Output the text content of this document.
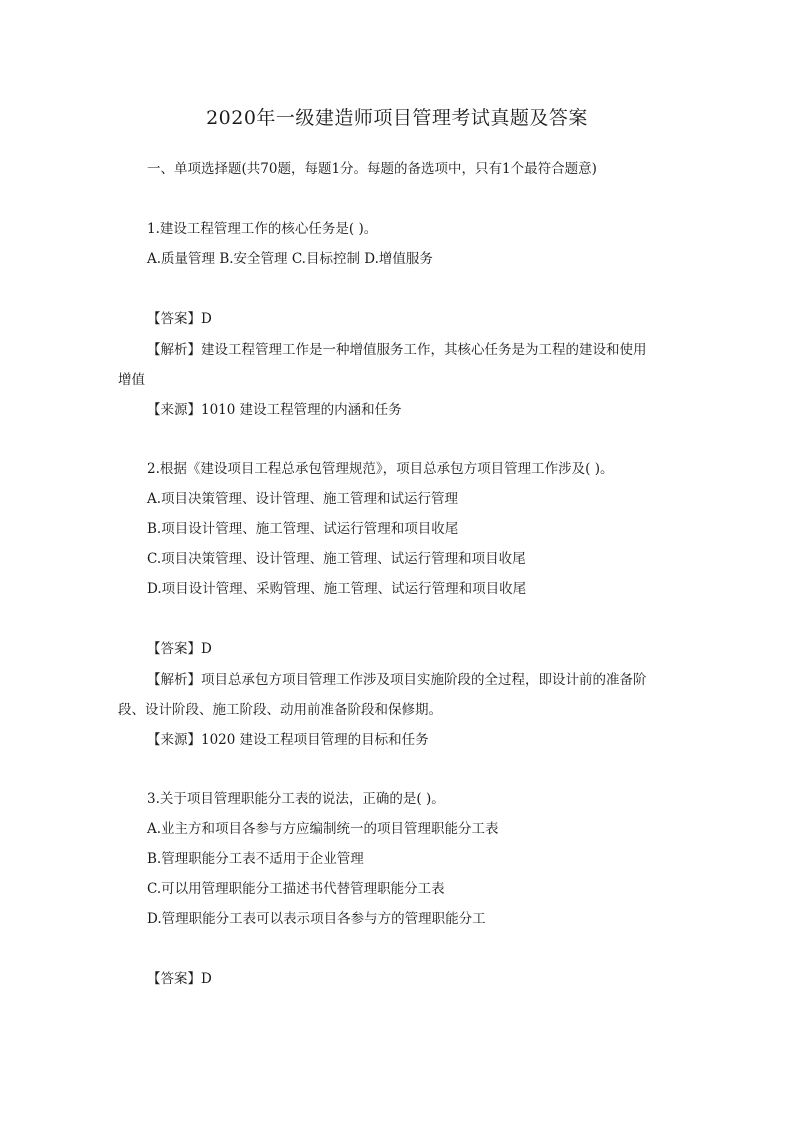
2020年一级建造师项目管理考试真题及答案
一、单项选择题(共70题，每题1分。每题的备选项中，只有1个最符合题意)
1.建设工程管理工作的核心任务是( )。
A.质量管理 B.安全管理 C.目标控制 D.增值服务
【答案】D
【解析】建设工程管理工作是一种增值服务工作，其核心任务是为工程的建设和使用
增值
【来源】1010 建设工程管理的内涵和任务
2.根据《建设项目工程总承包管理规范》，项目总承包方项目管理工作涉及( )。
A.项目决策管理、设计管理、施工管理和试运行管理
B.项目设计管理、施工管理、试运行管理和项目收尾
C.项目决策管理、设计管理、施工管理、试运行管理和项目收尾
D.项目设计管理、采购管理、施工管理、试运行管理和项目收尾
【答案】D
【解析】项目总承包方项目管理工作涉及项目实施阶段的全过程，即设计前的准备阶
段、设计阶段、施工阶段、动用前准备阶段和保修期。
【来源】1020 建设工程项目管理的目标和任务
3.关于项目管理职能分工表的说法，正确的是( )。
A.业主方和项目各参与方应编制统一的项目管理职能分工表
B.管理职能分工表不适用于企业管理
C.可以用管理职能分工描述书代替管理职能分工表
D.管理职能分工表可以表示项目各参与方的管理职能分工
【答案】D
